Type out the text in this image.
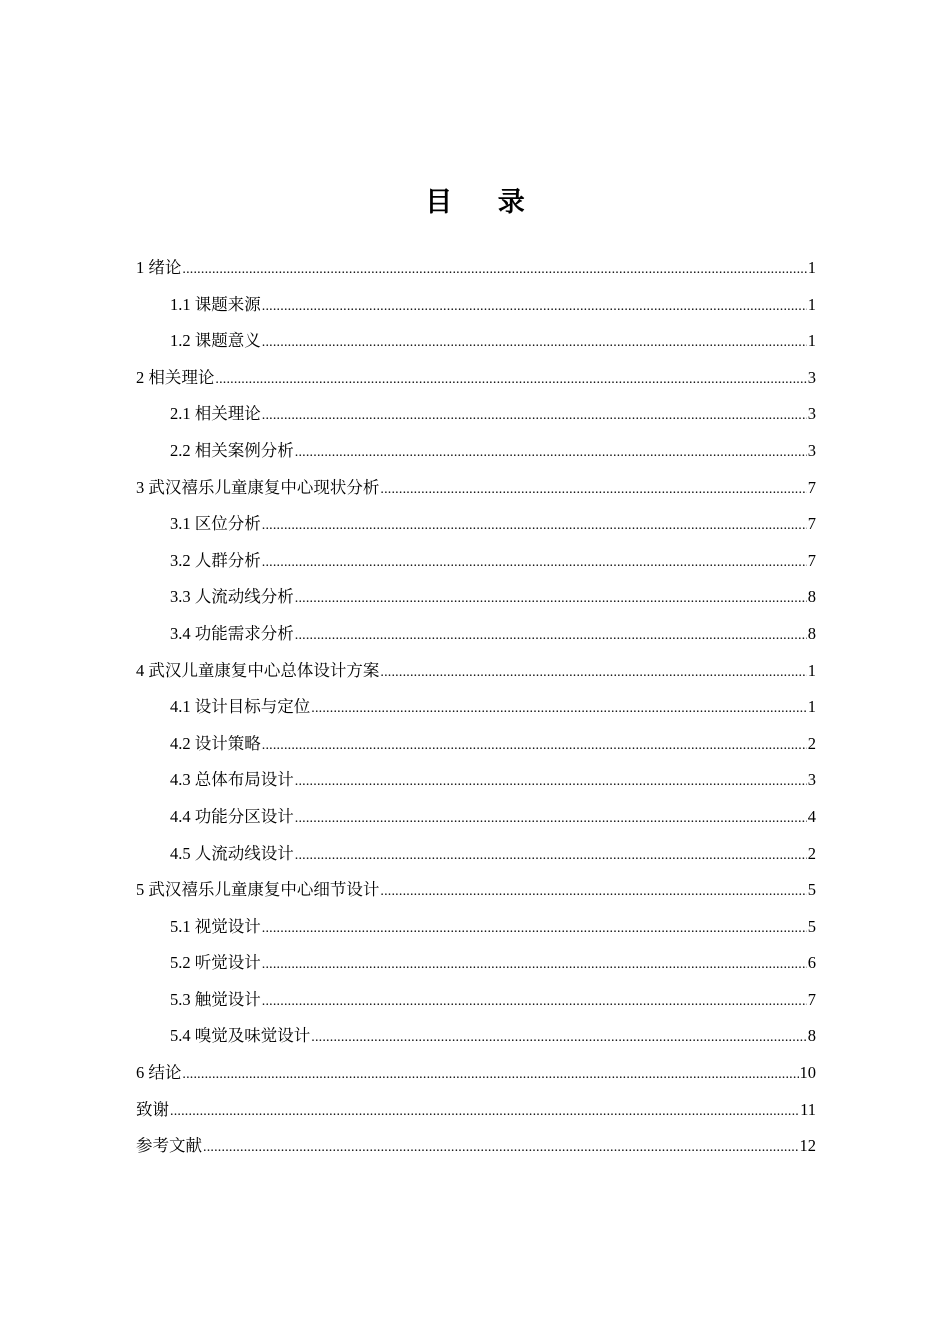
目 录
1 绪论 .....	1
1.1 课题来源 .....	1
1.2 课题意义 .....	1
2 相关理论 .....	3
2.1 相关理论 .....	3
2.2 相关案例分析 .....	3
3 武汉禧乐儿童康复中心现状分析 .....	7
3.1 区位分析 .....	7
3.2 人群分析 .....	7
3.3 人流动线分析 .....	8
3.4 功能需求分析 .....	8
4 武汉儿童康复中心总体设计方案 .....	1
4.1 设计目标与定位 .....	1
4.2 设计策略 .....	2
4.3 总体布局设计 .....	3
4.4 功能分区设计 .....	4
4.5 人流动线设计 .....	2
5 武汉禧乐儿童康复中心细节设计 .....	5
5.1 视觉设计 .....	5
5.2 听觉设计 .....	6
5.3 触觉设计 .....	7
5.4 嗅觉及味觉设计 .....	8
6 结论 .....	10
致谢 .....	11
参考文献 .....	12
